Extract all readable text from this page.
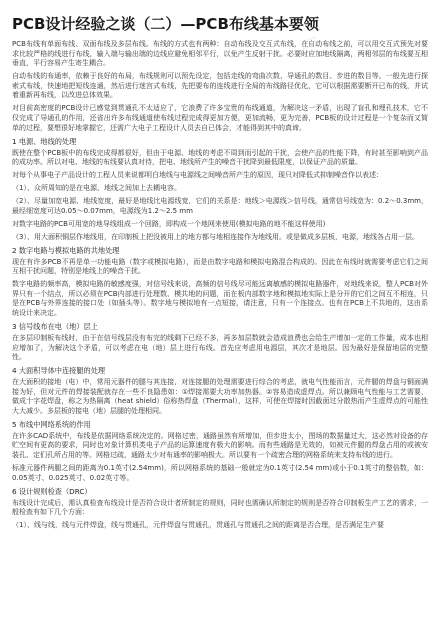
PCB设计经验之谈（二）—PCB布线基本要领
PCB布线有单面布线、双面布线及多层布线。布线的方式也有两种：自动布线及交互式布线，在自动布线之前，可以用交互式预先对要求比较严格的线进行布线，输入端与输出端的边线应避免相邻平行，以免产生反射干扰。必要时应加地线隔离，两相邻层的布线要互相垂直，平行容易产生寄生耦合。
自动布线的布通率，依赖于良好的布局，布线规则可以预先设定，包括走线的弯曲次数、导通孔的数目、步进的数目等。一般先进行探索式布线，快速地把短线连通，然后进行迷宫式布线，先把要布的连线进行全局的布线路径优化，它可以根据需要断开已布的线，并试着重新再布线，以改进总体效果。
对目前高密度的PCB设计已感觉到贯通孔不太适应了，它浪费了许多宝贵的布线通道，为解决这一矛盾，出现了盲孔和埋孔技术，它不仅完成了导通孔的作用，还省出许多布线通道使布线过程完成得更加方便，更加流畅，更为完善，PCB板的设计过程是一个复杂而又简单的过程，要想很好地掌握它，还需广大电子工程设计人员去自已体会，才能得到其中的真谛。
1 电源、地线的处理
既使在整个PCB板中的布线完成得都很好，但由于电源、地线的考虑不周到而引起的干扰，会使产品的性能下降，有时甚至影响到产品的成功率。所以对电、地线的布线要认真对待，把电、地线所产生的噪音干扰降到最低限度，以保证产品的质量。
对每个从事电子产品设计的工程人员来说都明白地线与电源线之间噪音所产生的原因，现只对降低式抑制噪音作以表述：
（1）、众所周知的是在电源、地线之间加上去耦电容。
（2）、尽量加宽电源、地线宽度，最好是地线比电源线宽，它们的关系是：地线＞电源线＞信号线，通常信号线宽为：0.2～0.3mm，最经细宽度可达0.05～0.07mm，电源线为1.2～2.5 mm
对数字电路的PCB可用宽的地导线组成一个回路，即构成一个地网来使用(模拟电路的地不能这样使用)
（3）、用大面积铜层作地线用，在印制板上把没被用上的地方都与地相连接作为地线用。或是做成多层板，电源，地线各占用一层。
2 数字电路与模拟电路的共地处理
现在有许多PCB不再是单一功能电路（数字或模拟电路），而是由数字电路和模拟电路混合构成的。因此在布线时就需要考虑它们之间互相干扰问题，特别是地线上的噪音干扰。
数字电路的频率高，模拟电路的敏感度强，对信号线来说，高频的信号线尽可能远离敏感的模拟电路器件，对地线来说，整人PCB对外界只有一个结点，所以必须在PCB内部进行处理数、模共地的问题，而在板内部数字地和模拟地实际上是分开的它们之间互不相连，只是在PCB与外界连接的接口处（如插头等）。数字地与模拟地有一点短接，请注意，只有一个连接点。也有在PCB上不共地的，这由系统设计来决定。
3 信号线布在电（地）层上
在多层印制板布线时，由于在信号线层没有布完的线剩下已经不多，再多加层数就会造成浪费也会给生产增加一定的工作量，成本也相应增加了，为解决这个矛盾，可以考虑在电（地）层上进行布线。首先应考虑用电源层，其次才是地层。因为最好是保留地层的完整性。
4 大面积导体中连接腿的处理
在大面积的接地（电）中，常用元器件的腿与其连接，对连接腿的处理需要进行综合的考虑，就电气性能而言，元件腿的焊盘与铜面满接为好，但对元件的焊接装配就存在一些不良隐患如：①焊接需要大功率加热器。②容易造成虚焊点。所以兼顾电气性能与工艺需要，做成十字花焊盘，称之为热隔离（heat shield）俗称热焊盘（Thermal），这样，可使在焊接时因截面过分散热而产生虚焊点的可能性大大减少。多层板的接电（地）层腿的处理相同。
5 布线中网络系统的作用
在许多CAD系统中，布线是依据网络系统决定的。网格过密，通路虽然有所增加，但步进太小，图场的数据量过大，这必然对设备的存贮空间有更高的要求，同时也对象计算机类电子产品的运算速度有极大的影响。而有些通路是无效的，如被元件腿的焊盘占用的或被安装孔、定们孔所占用的等。网格过疏，通路太少对布通率的影响极大。所以要有一个疏密合理的网格系统来支持布线的进行。
标准元器件两腿之间的距离为0.1英寸(2.54mm)，所以网格系统的基础一般就定为0.1英寸(2.54 mm)或小于0.1英寸的整倍数，如：0.05英寸、0.025英寸、0.02英寸等。
6 设计规则检查（DRC）
布线设计完成后，需认真检查布线设计是否符合设计者所制定的规则，同时也需确认所制定的规则是否符合印制板生产工艺的需求，一般检查有如下几个方面：
（1）、线与线，线与元件焊盘，线与贯通孔，元件焊盘与贯通孔，贯通孔与贯通孔之间的距离是否合理，是否满足生产要
▱
▱
▱
